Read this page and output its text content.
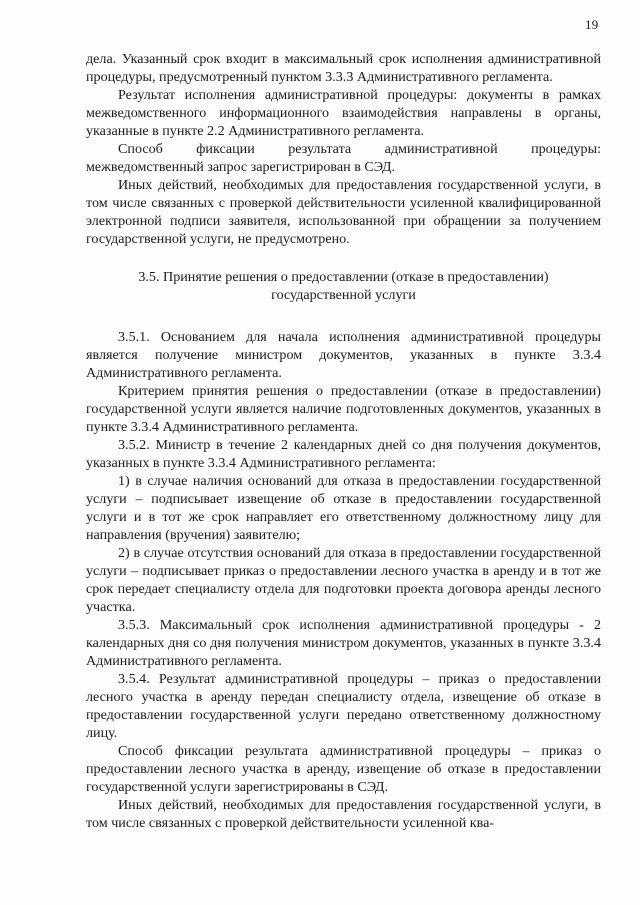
19

дела. Указанный срок входит в максимальный срок исполнения административной процедуры, предусмотренный пунктом 3.3.3 Административного регламента.

Результат исполнения административной процедуры: документы в рамках межведомственного информационного взаимодействия направлены в органы, указанные в пункте 2.2 Административного регламента.

Способ фиксации результата административной процедуры: межведомственный запрос зарегистрирован в СЭД.

Иных действий, необходимых для предоставления государственной услуги, в том числе связанных с проверкой действительности усиленной квалифицированной электронной подписи заявителя, использованной при обращении за получением государственной услуги, не предусмотрено.

3.5. Принятие решения о предоставлении (отказе в предоставлении) государственной услуги

3.5.1. Основанием для начала исполнения административной процедуры является получение министром документов, указанных в пункте 3.3.4 Административного регламента.

Критерием принятия решения о предоставлении (отказе в предоставлении) государственной услуги является наличие подготовленных документов, указанных в пункте 3.3.4 Административного регламента.

3.5.2. Министр в течение 2 календарных дней со дня получения документов, указанных в пункте 3.3.4 Административного регламента:

1) в случае наличия оснований для отказа в предоставлении государственной услуги – подписывает извещение об отказе в предоставлении государственной услуги и в тот же срок направляет его ответственному должностному лицу для направления (вручения) заявителю;

2) в случае отсутствия оснований для отказа в предоставлении государственной услуги – подписывает приказ о предоставлении лесного участка в аренду и в тот же срок передает специалисту отдела для подготовки проекта договора аренды лесного участка.

3.5.3. Максимальный срок исполнения административной процедуры - 2 календарных дня со дня получения министром документов, указанных в пункте 3.3.4 Административного регламента.

3.5.4. Результат административной процедуры – приказ о предоставлении лесного участка в аренду передан специалисту отдела, извещение об отказе в предоставлении государственной услуги передано ответственному должностному лицу.

Способ фиксации результата административной процедуры – приказ о предоставлении лесного участка в аренду, извещение об отказе в предоставлении государственной услуги зарегистрированы в СЭД.

Иных действий, необходимых для предоставления государственной услуги, в том числе связанных с проверкой действительности усиленной ква-
